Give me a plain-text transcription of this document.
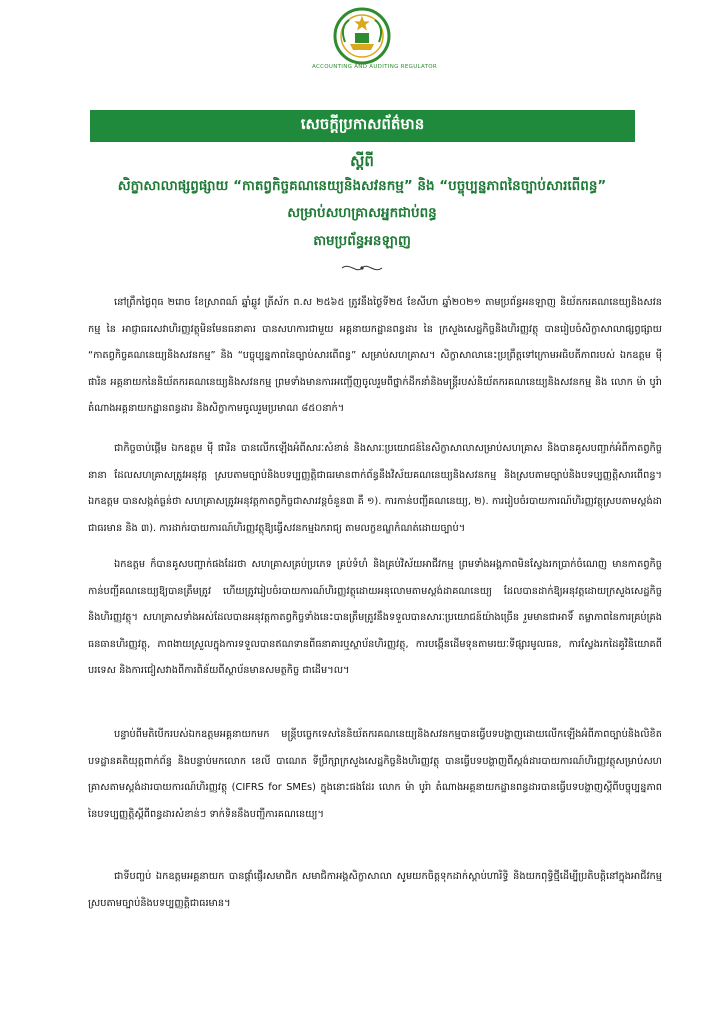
ACCOUNTING AND AUDITING REGULATOR
សេចក្តីប្រកាសព័ត៌មាន
ស្តីពី
សិក្ខាសាលាផ្សព្វផ្សាយ “កាតព្វកិច្ចគណនេយ្យនិងសវនកម្ម” និង “បច្ចុប្បន្នភាពនៃច្បាប់សារពើពន្ធ”
សម្រាប់សហគ្រាសអ្នកជាប់ពន្ធ
តាមប្រព័ន្ធអនឡាញ
នៅព្រឹកថ្ងៃពុធ ២រោច ខែស្រាពណ៍ ឆ្នាំឆ្លូវ ត្រីស័ក ព.ស ២៥៦៥ ត្រូវនឹងថ្ងៃទី២៥ ខែសីហា ឆ្នាំ២០២១ តាមប្រព័ន្ធអនឡាញ និយ័តករគណនេយ្យនិងសវនកម្ម នៃ អាជ្ញាធរសេវាហិរញ្ញវត្ថុមិនមែនធនាគារ បានសហការជាមួយ អគ្គនាយកដ្ឋានពន្ធដារ នៃ ក្រសួងសេដ្ឋកិច្ចនិងហិរញ្ញវត្ថុ បានរៀបចំសិក្ខាសាលាផ្សព្វផ្សាយ “កាតព្វកិច្ចគណនេយ្យនិងសវនកម្ម” និង “បច្ចុប្បន្នភាពនៃច្បាប់សារពើពន្ធ” សម្រាប់សហគ្រាស។ សិក្ខាសាលានេះប្រព្រឹត្តទៅក្រោមអធិបតីភាពរបស់ ឯកឧត្តម ម៉ី ផារិន អគ្គនាយកនៃនិយ័តករគណនេយ្យនិងសវនកម្ម ព្រមទាំងមានការអញ្ជើញចូលរួមពីថ្នាក់ដឹកនាំនិងមន្ត្រីរបស់និយ័តករគណនេយ្យនិងសវនកម្ម និង លោក ម៉ា បូរ៉ា តំណាងអគ្គនាយកដ្ឋានពន្ធដារ និងសិក្ខាកាមចូលរួមប្រមាណ ៨៥០នាក់។
ជាកិច្ចចាប់ផ្តើម ឯកឧត្តម ម៉ី ផារិន បានលើកឡើងអំពីសារៈសំខាន់ និងសារៈប្រយោជន៍នៃសិក្ខាសាលាសម្រាប់សហគ្រាស និងបានគូសបញ្ជាក់អំពីកាតព្វកិច្ចនានា ដែលសហគ្រាសត្រូវអនុវត្ត ស្របតាមច្បាប់និងបទប្បញ្ញត្តិជាធរមានពាក់ព័ន្ធនឹងវិស័យគណនេយ្យនិងសវនកម្ម និងស្របតាមច្បាប់និងបទប្បញ្ញត្តិសារពើពន្ធ។ ឯកឧត្តម បានសង្កត់ធ្ងន់ថា សហគ្រាសត្រូវអនុវត្តកាតព្វកិច្ចជាសារវន្តចំនួន៣ គឺ ១). ការកាន់បញ្ជីគណនេយ្យ, ២). ការរៀបចំរបាយការណ៍ហិរញ្ញវត្ថុស្របតាមស្តង់ដាជាធរមាន និង ៣). ការដាក់របាយការណ៍ហិរញ្ញវត្ថុឱ្យធ្វើសវនកម្មឯករាជ្យ តាមលក្ខខណ្ឌកំណត់ដោយច្បាប់។
ឯកឧត្តម ក៏បានគូសបញ្ជាក់ផងដែរថា សហគ្រាសគ្រប់ប្រភេទ គ្រប់ទំហំ និងគ្រប់វិស័យអាជីវកម្ម ព្រមទាំងអង្គភាពមិនស្វែងរកប្រាក់ចំណេញ មានកាតព្វកិច្ចកាន់បញ្ជីគណនេយ្យឱ្យបានត្រឹមត្រូវ ហើយត្រូវរៀបចំរបាយការណ៍ហិរញ្ញវត្ថុដោយអនុលោមតាមស្តង់ដាគណនេយ្យ ដែលបានដាក់ឱ្យអនុវត្តដោយក្រសួងសេដ្ឋកិច្ច និងហិរញ្ញវត្ថុ។ សហគ្រាសទាំងអស់ដែលបានអនុវត្តកាតព្វកិច្ចទាំងនេះបានត្រឹមត្រូវនឹងទទួលបានសារៈប្រយោជន៍យ៉ាងច្រើន រួមមានជាអាទិ៍ តម្លាភាពនៃការគ្រប់គ្រងធនធានហិរញ្ញវត្ថុ, ភាពងាយស្រួលក្នុងការទទួលបានឥណទានពីធនាគារឬស្ថាប័នហិរញ្ញវត្ថុ, ការបង្កើនដើមទុនតាមរយៈទីផ្សារមូលធន, ការស្វែងរកដៃគូវិនិយោគពីបរទេស និងការជៀសវាងពីការពិន័យពីស្ថាប័នមានសមត្ថកិច្ច ជាដើម។ល។
បន្ទាប់ពីមតិបើករបស់ឯកឧត្តមអគ្គនាយកមក មន្ត្រីបច្ចេកទេសនៃនិយ័តករគណនេយ្យនិងសវនកម្មបានធ្វើបទបង្ហាញដោយលើកឡើងអំពីភាពច្បាប់និងលិខិតបទដ្ឋានគតិយុត្តពាក់ព័ន្ធ និងបន្ទាប់មកលោក ខេលី បាណេត ទីប្រឹក្សាក្រសួងសេដ្ឋកិច្ចនិងហិរញ្ញវត្ថុ បានធ្វើបទបង្ហាញពីស្តង់ដារបាយការណ៍ហិរញ្ញវត្ថុសម្រាប់សហគ្រាសតាមស្តង់ដារបាយការណ៍ហិរញ្ញវត្ថុ (CIFRS for SMEs) ក្នុងនោះផងដែរ លោក ម៉ា បូរ៉ា តំណាងអគ្គនាយកដ្ឋានពន្ធដារបានធ្វើបទបង្ហាញស្តីពីបច្ចុប្បន្នភាពនៃបទប្បញ្ញត្តិស្តីពីពន្ធដារសំខាន់ៗ ទាក់ទិននឹងបញ្ជីការគណនេយ្យ។
ជាទីបញ្ចប់ ឯកឧត្តមអគ្គនាយក បានផ្តាំផ្ញើរសមាជិក សមាជិកាអង្គសិក្ខាសាលា សូមយកចិត្តទុកដាក់ស្តាប់ហារិទ្ធិ និងយកពុទ្ធិថ្មីដើម្បីប្រតិបត្តិនៅក្នុងអាជីវកម្ម ស្របតាមច្បាប់និងបទប្បញ្ញត្តិជាធរមាន។
